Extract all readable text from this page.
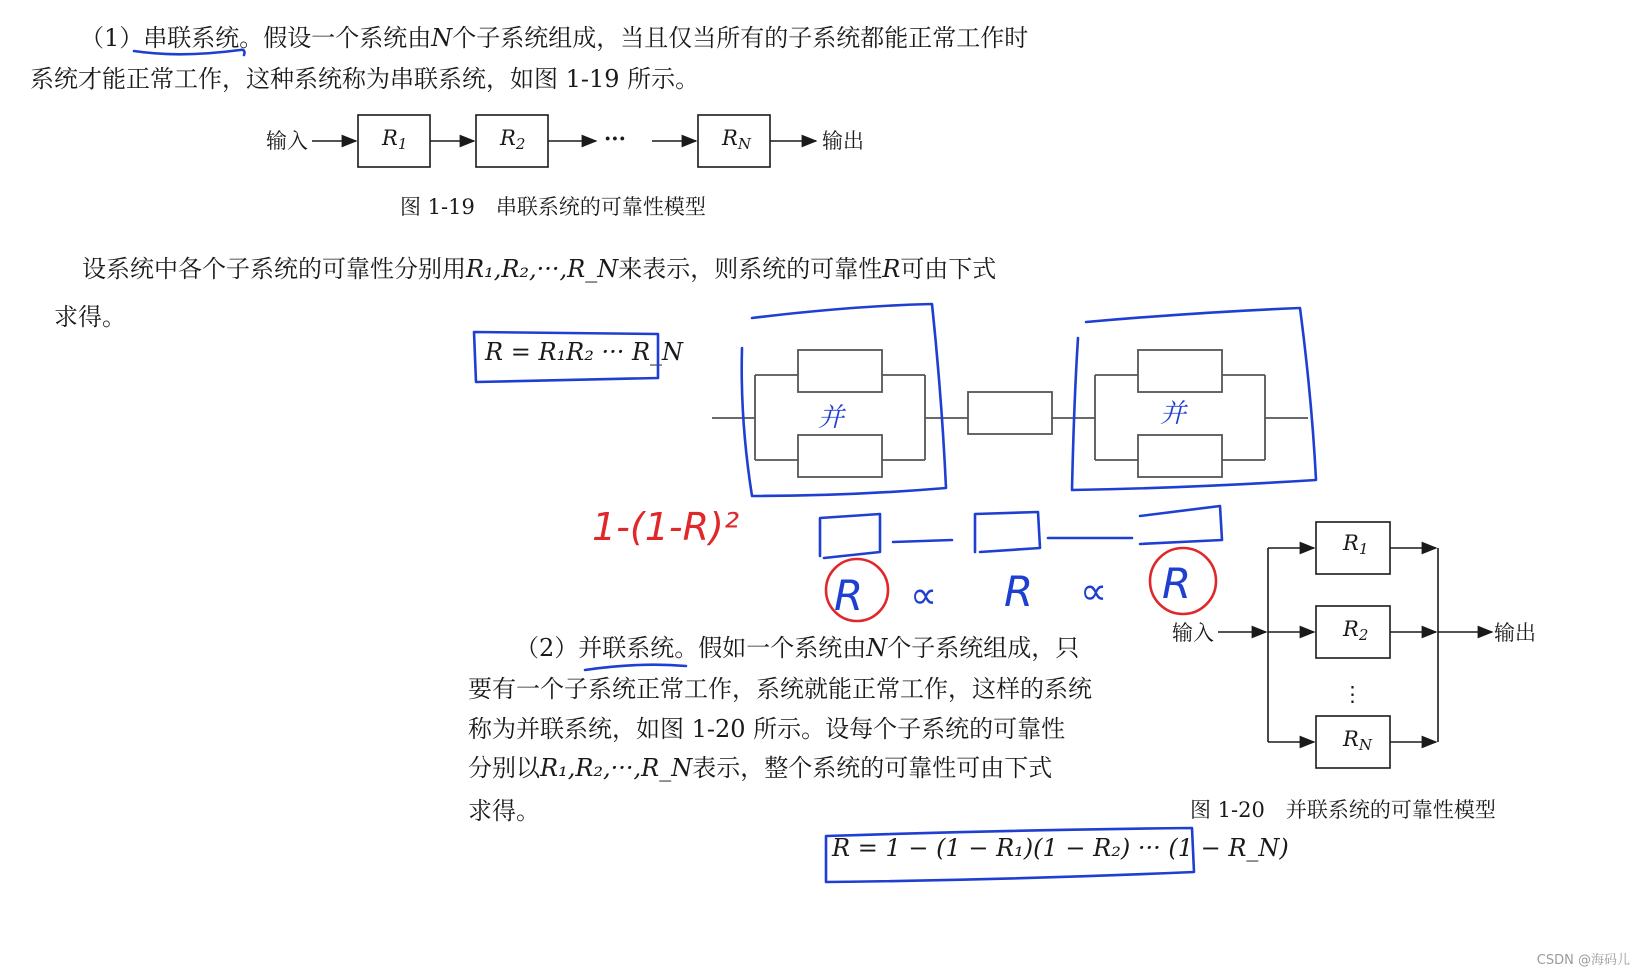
（1）串联系统。假设一个系统由N个子系统组成，当且仅当所有的子系统都能正常工作时
系统才能正常工作，这种系统称为串联系统，如图 1-19 所示。
输入	输出
$R_1$	$R_2$	$R_N$
···
图 1-19　串联系统的可靠性模型
设系统中各个子系统的可靠性分别用R₁,R₂,···,R_N来表示，则系统的可靠性R可由下式
求得。
R = R₁R₂ ··· R_N
（2）并联系统。假如一个系统由N个子系统组成，只
要有一个子系统正常工作，系统就能正常工作，这样的系统
称为并联系统，如图 1-20 所示。设每个子系统的可靠性
分别以R₁,R₂,···,R_N表示，整个系统的可靠性可由下式
求得。
R = 1 − (1 − R₁)(1 − R₂) ··· (1 − R_N)
输入	输出
$R_1$
$R_2$
$R_N$
⋮
图 1-20　并联系统的可靠性模型
R ∝ R ∝ R
并	并
1-(1-R)²
CSDN @海码儿
